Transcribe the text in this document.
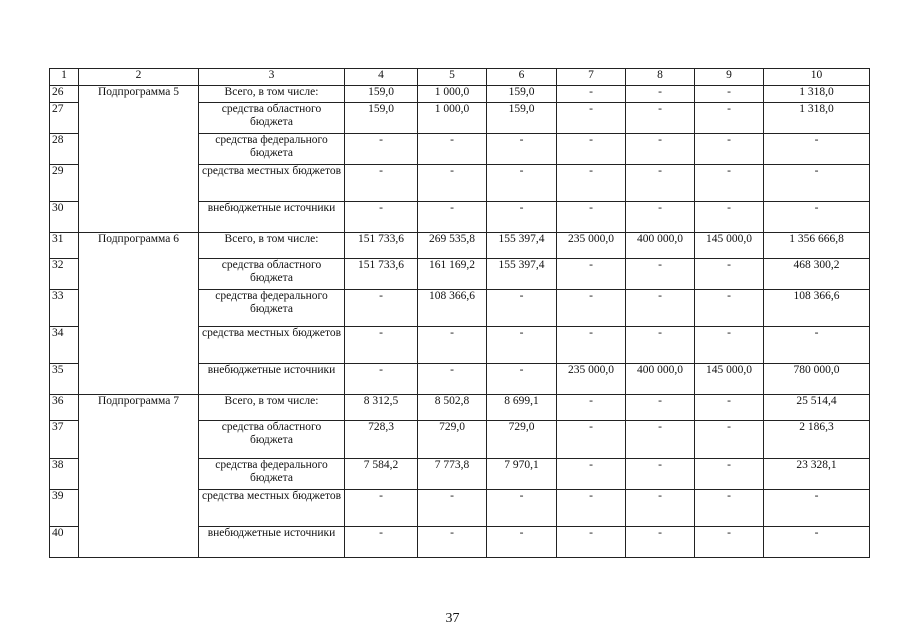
1	2	3	4	5	6	7	8	9	10
26	Подпрограмма 5	Всего, в том числе:	159,0	1 000,0	159,0	-	-	-	1 318,0
27		средства областного бюджета	159,0	1 000,0	159,0	-	-	-	1 318,0
28		средства федерального бюджета	-	-	-	-	-	-	-
29		средства местных бюджетов	-	-	-	-	-	-	-
30		внебюджетные источники	-	-	-	-	-	-	-
31	Подпрограмма 6	Всего, в том числе:	151 733,6	269 535,8	155 397,4	235 000,0	400 000,0	145 000,0	1 356 666,8
32		средства областного бюджета	151 733,6	161 169,2	155 397,4	-	-	-	468 300,2
33		средства федерального бюджета	-	108 366,6	-	-	-	-	108 366,6
34		средства местных бюджетов	-	-	-	-	-	-	-
35		внебюджетные источники	-	-	-	235 000,0	400 000,0	145 000,0	780 000,0
36	Подпрограмма 7	Всего, в том числе:	8 312,5	8 502,8	8 699,1	-	-	-	25 514,4
37		средства областного бюджета	728,3	729,0	729,0	-	-	-	2 186,3
38		средства федерального бюджета	7 584,2	7 773,8	7 970,1	-	-	-	23 328,1
39		средства местных бюджетов	-	-	-	-	-	-	-
40		внебюджетные источники	-	-	-	-	-	-	-
37
